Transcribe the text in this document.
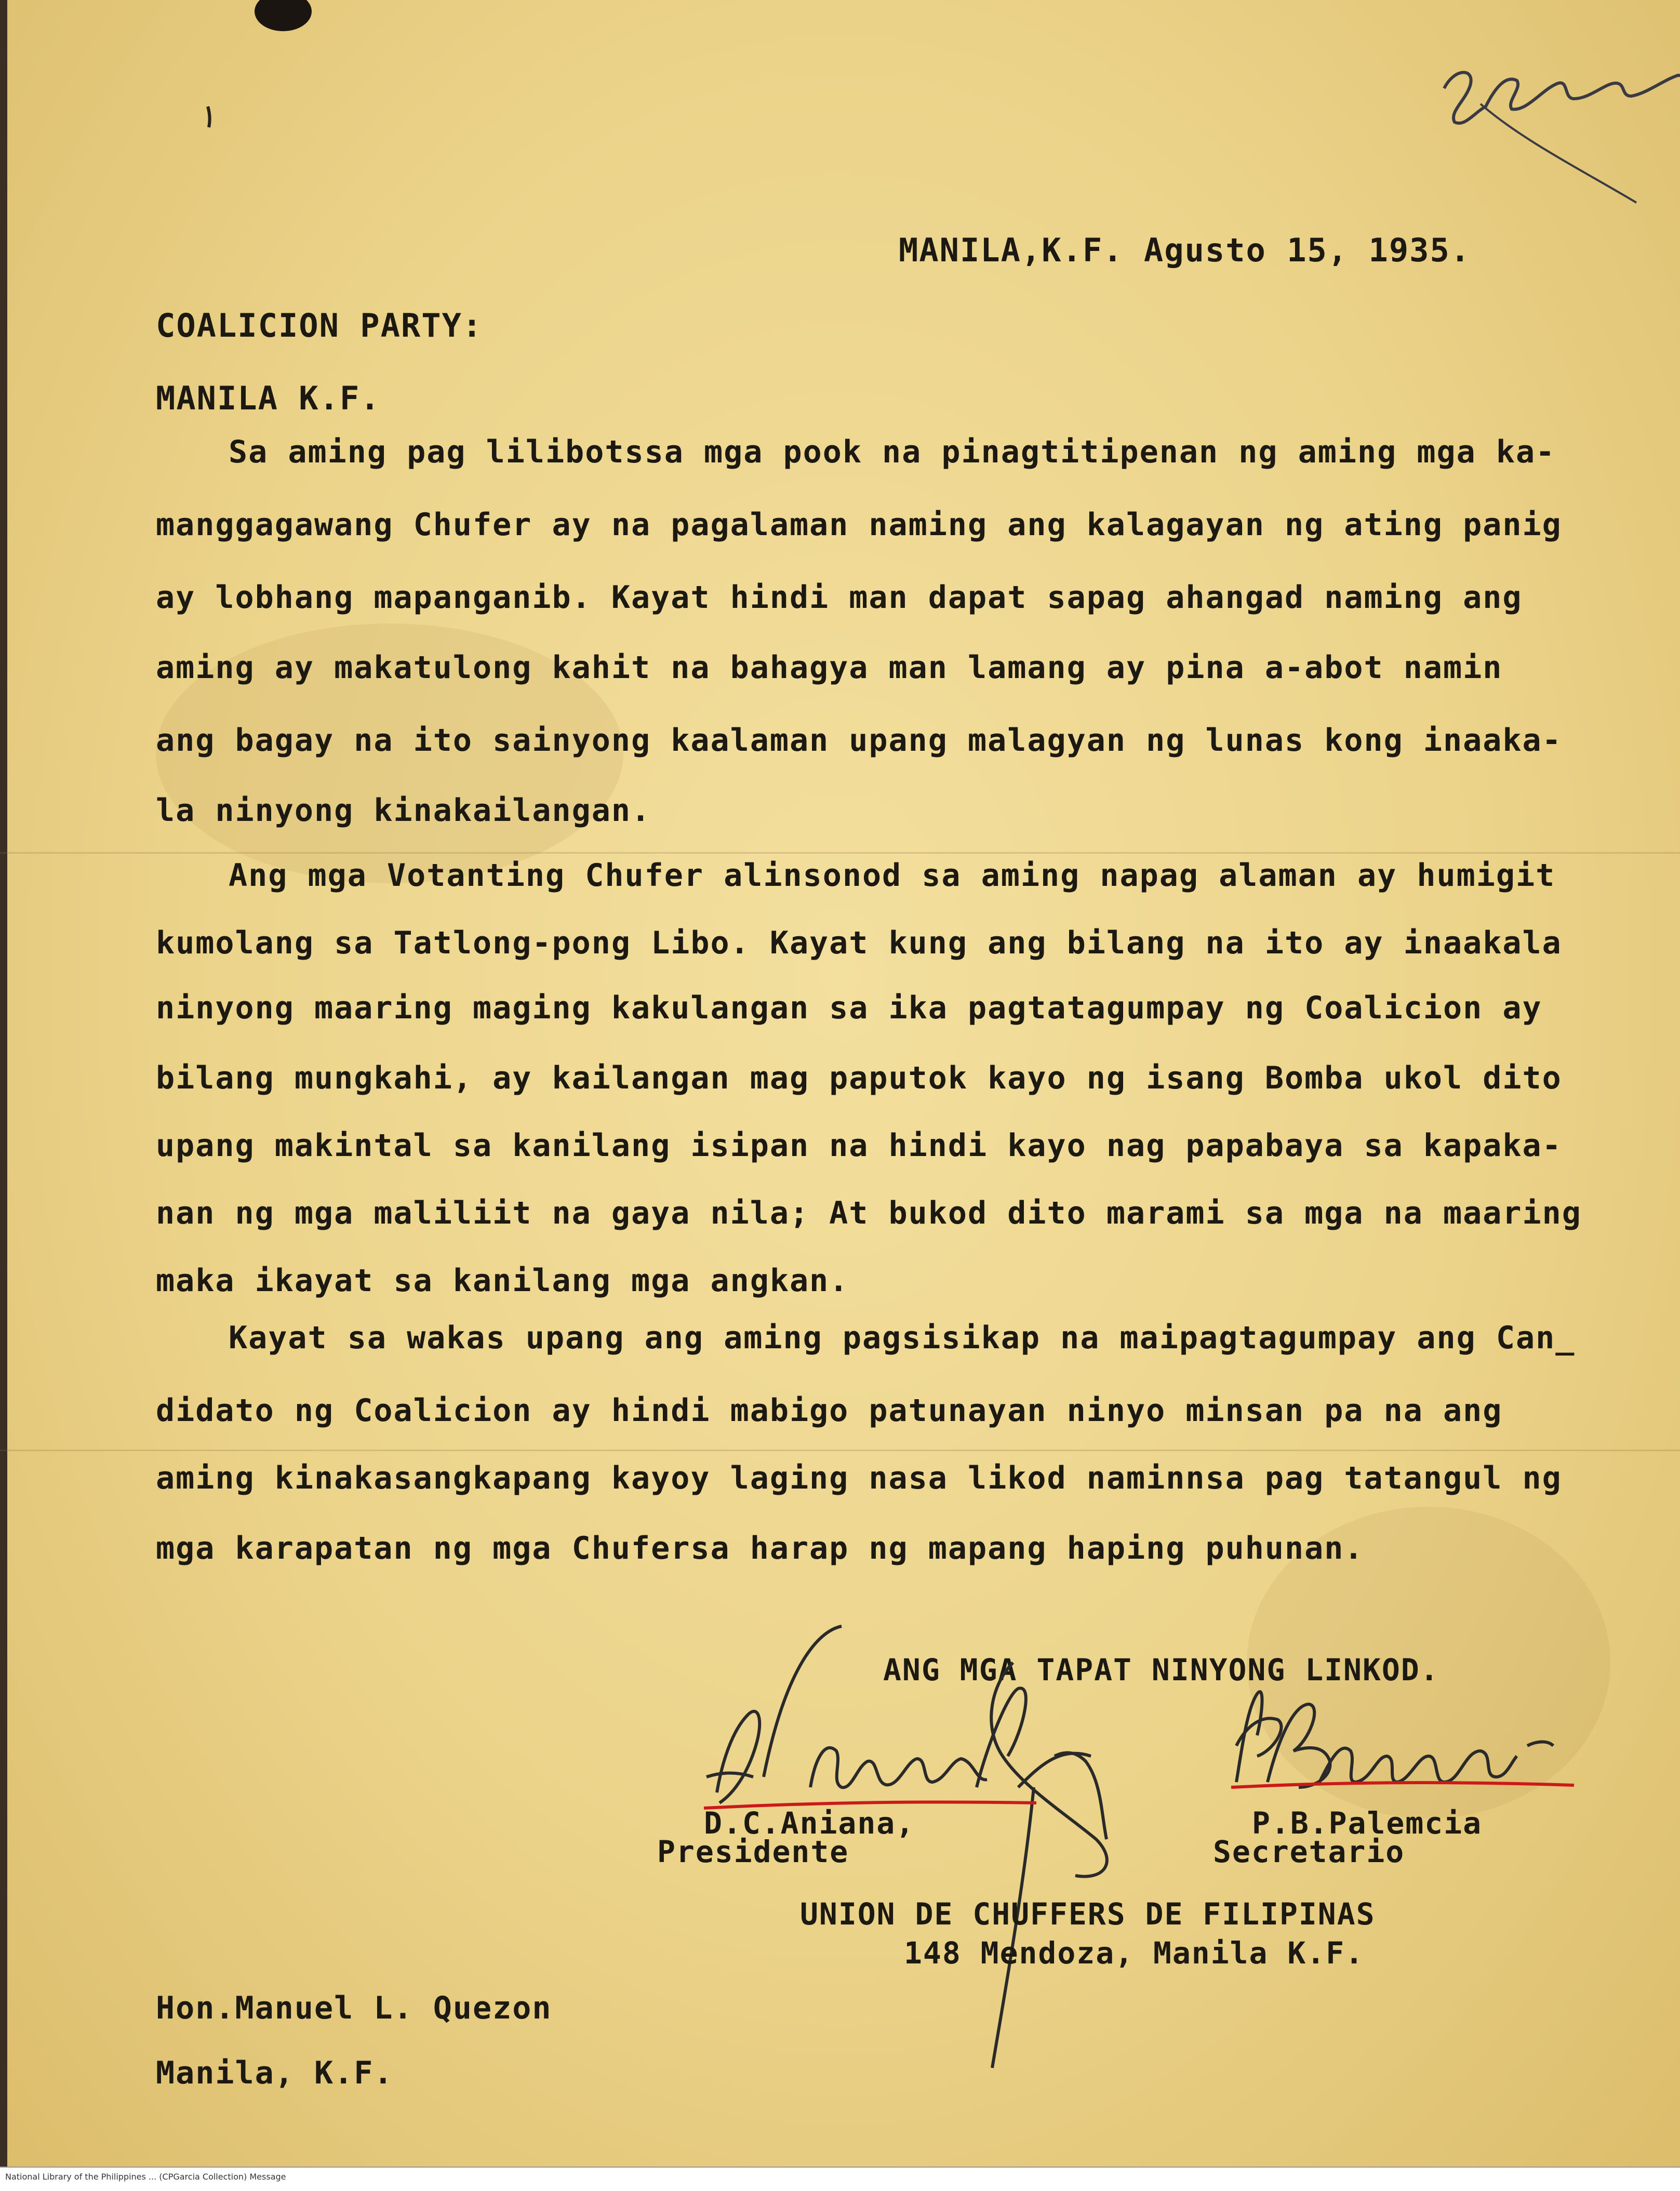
MANILA,K.F. Agusto 15, 1935.
COALICION PARTY:
MANILA K.F.
Sa aming pag lilibotssa mga pook na pinagtitipenan ng aming mga ka-
manggagawang Chufer ay na pagalaman naming ang kalagayan ng ating panig
ay lobhang mapanganib. Kayat hindi man dapat sapag ahangad naming ang
aming ay makatulong kahit na bahagya man lamang ay pina a-abot namin
ang bagay na ito sainyong kaalaman upang malagyan ng lunas kong inaaka-
la ninyong kinakailangan.
Ang mga Votanting Chufer alinsonod sa aming napag alaman ay humigit
kumolang sa Tatlong-pong Libo. Kayat kung ang bilang na ito ay inaakala
ninyong maaring maging kakulangan sa ika pagtatagumpay ng Coalicion ay
bilang mungkahi, ay kailangan mag paputok kayo ng isang Bomba ukol dito
upang makintal sa kanilang isipan na hindi kayo nag papabaya sa kapaka-
nan ng mga maliliit na gaya nila; At bukod dito marami sa mga na maaring
maka ikayat sa kanilang mga angkan.
Kayat sa wakas upang ang aming pagsisikap na maipagtagumpay ang Can_
didato ng Coalicion ay hindi mabigo patunayan ninyo minsan pa na ang
aming kinakasangkapang kayoy laging nasa likod naminnsa pag tatangul ng
mga karapatan ng mga Chufersa harap ng mapang haping puhunan.
ANG MGA TAPAT NINYONG LINKOD.
D.C.Aniana,
Presidente
P.B.Palemcia
Secretario
UNION DE CHUFFERS DE FILIPINAS
148 Mendoza, Manila K.F.
Hon.Manuel L. Quezon
Manila, K.F.
National Library of the Philippines ... (CPGarcia Collection) Message
